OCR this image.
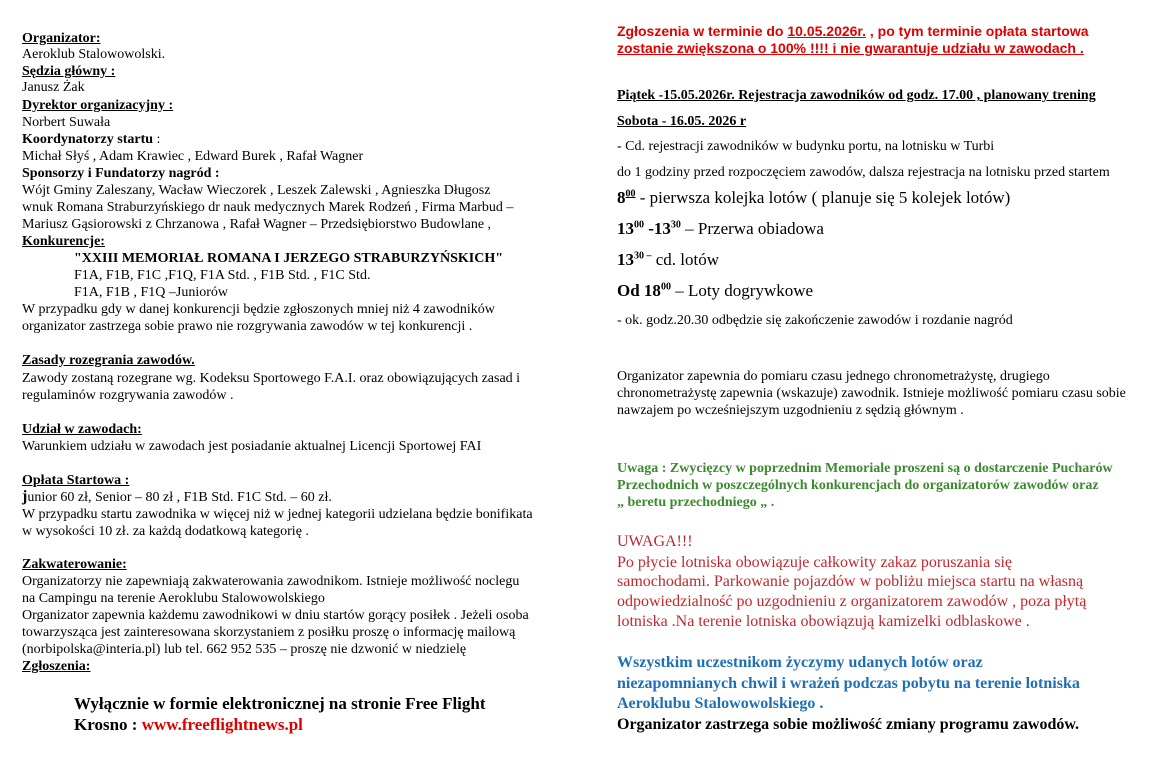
Organizator:
Aeroklub Stalowowolski.
Sędzia główny :
Janusz Żak
Dyrektor organizacyjny :
Norbert Suwała
Koordynatorzy startu :
Michał Słyś , Adam Krawiec , Edward Burek , Rafał Wagner
Sponsorzy i Fundatorzy nagród :
Wójt Gminy Zaleszany, Wacław Wieczorek , Leszek Zalewski , Agnieszka Długosz
wnuk Romana Straburzyńskiego dr nauk medycznych Marek Rodzeń , Firma Marbud –
Mariusz Gąsiorowski z Chrzanowa , Rafał Wagner – Przedsiębiorstwo Budowlane ,
Konkurencje:
"XXIII MEMORIAŁ ROMANA I JERZEGO STRABURZYŃSKICH"
F1A, F1B, F1C ,F1Q, F1A Std. , F1B Std. , F1C Std.
F1A, F1B , F1Q –Juniorów
W przypadku gdy w danej konkurencji będzie zgłoszonych mniej niż 4 zawodników
organizator zastrzega sobie prawo nie rozgrywania zawodów w tej konkurencji .
Zasady rozegrania zawodów.
Zawody zostaną rozegrane wg. Kodeksu Sportowego F.A.I. oraz obowiązujących zasad i
regulaminów rozgrywania zawodów .
Udział w zawodach:
Warunkiem udziału w zawodach jest posiadanie aktualnej Licencji Sportowej FAI
Opłata Startowa :
junior 60 zł, Senior – 80 zł , F1B Std. F1C Std. – 60 zł.
W przypadku startu zawodnika w więcej niż w jednej kategorii udzielana będzie bonifikata
w wysokości 10 zł. za każdą dodatkową kategorię .
Zakwaterowanie:
Organizatorzy nie zapewniają zakwaterowania zawodnikom. Istnieje możliwość noclegu
na Campingu na terenie Aeroklubu Stalowowolskiego
Organizator zapewnia każdemu zawodnikowi w dniu startów gorący posiłek . Jeżeli osoba
towarzysząca jest zainteresowana skorzystaniem z posiłku proszę o informację mailową
(norbipolska@interia.pl) lub tel. 662 952 535 – proszę nie dzwonić w niedzielę
Zgłoszenia:
Wyłącznie w formie elektronicznej na stronie Free Flight
Krosno : www.freeflightnews.pl
Zgłoszenia w terminie do 10.05.2026r. , po tym terminie opłata startowa
zostanie zwiększona o 100% !!!! i nie gwarantuje udziału w zawodach .
Piątek -15.05.2026r. Rejestracja zawodników od godz. 17.00 , planowany trening
Sobota - 16.05. 2026 r
- Cd. rejestracji zawodników w budynku portu, na lotnisku w Turbi
do 1 godziny przed rozpoczęciem zawodów, dalsza rejestracja na lotnisku przed startem
$8^{00}$ - pierwsza kolejka lotów ( planuje się 5 kolejek lotów)
$13^{00}$ $-13^{30}$ – Przerwa obiadowa
$13^{30 -}$ cd. lotów
Od $18^{00}$ – Loty dogrywkowe
- ok. godz.20.30 odbędzie się zakończenie zawodów i rozdanie nagród
Organizator zapewnia do pomiaru czasu jednego chronometrażystę, drugiego
chronometrażystę zapewnia (wskazuje) zawodnik. Istnieje możliwość pomiaru czasu sobie
nawzajem po wcześniejszym uzgodnieniu z sędzią głównym .
Uwaga : Zwycięzcy w poprzednim Memoriale proszeni są o dostarczenie Pucharów
Przechodnich w poszczególnych konkurencjach do organizatorów zawodów oraz
„ beretu przechodniego „ .
UWAGA!!!
Po płycie lotniska obowiązuje całkowity zakaz poruszania się
samochodami. Parkowanie pojazdów w pobliżu miejsca startu na własną
odpowiedzialność po uzgodnieniu z organizatorem zawodów , poza płytą
lotniska .Na terenie lotniska obowiązują kamizelki odblaskowe .
Wszystkim uczestnikom życzymy udanych lotów oraz
niezapomnianych chwil i wrażeń podczas pobytu na terenie lotniska
Aeroklubu Stalowowolskiego .
Organizator zastrzega sobie możliwość zmiany programu zawodów.
